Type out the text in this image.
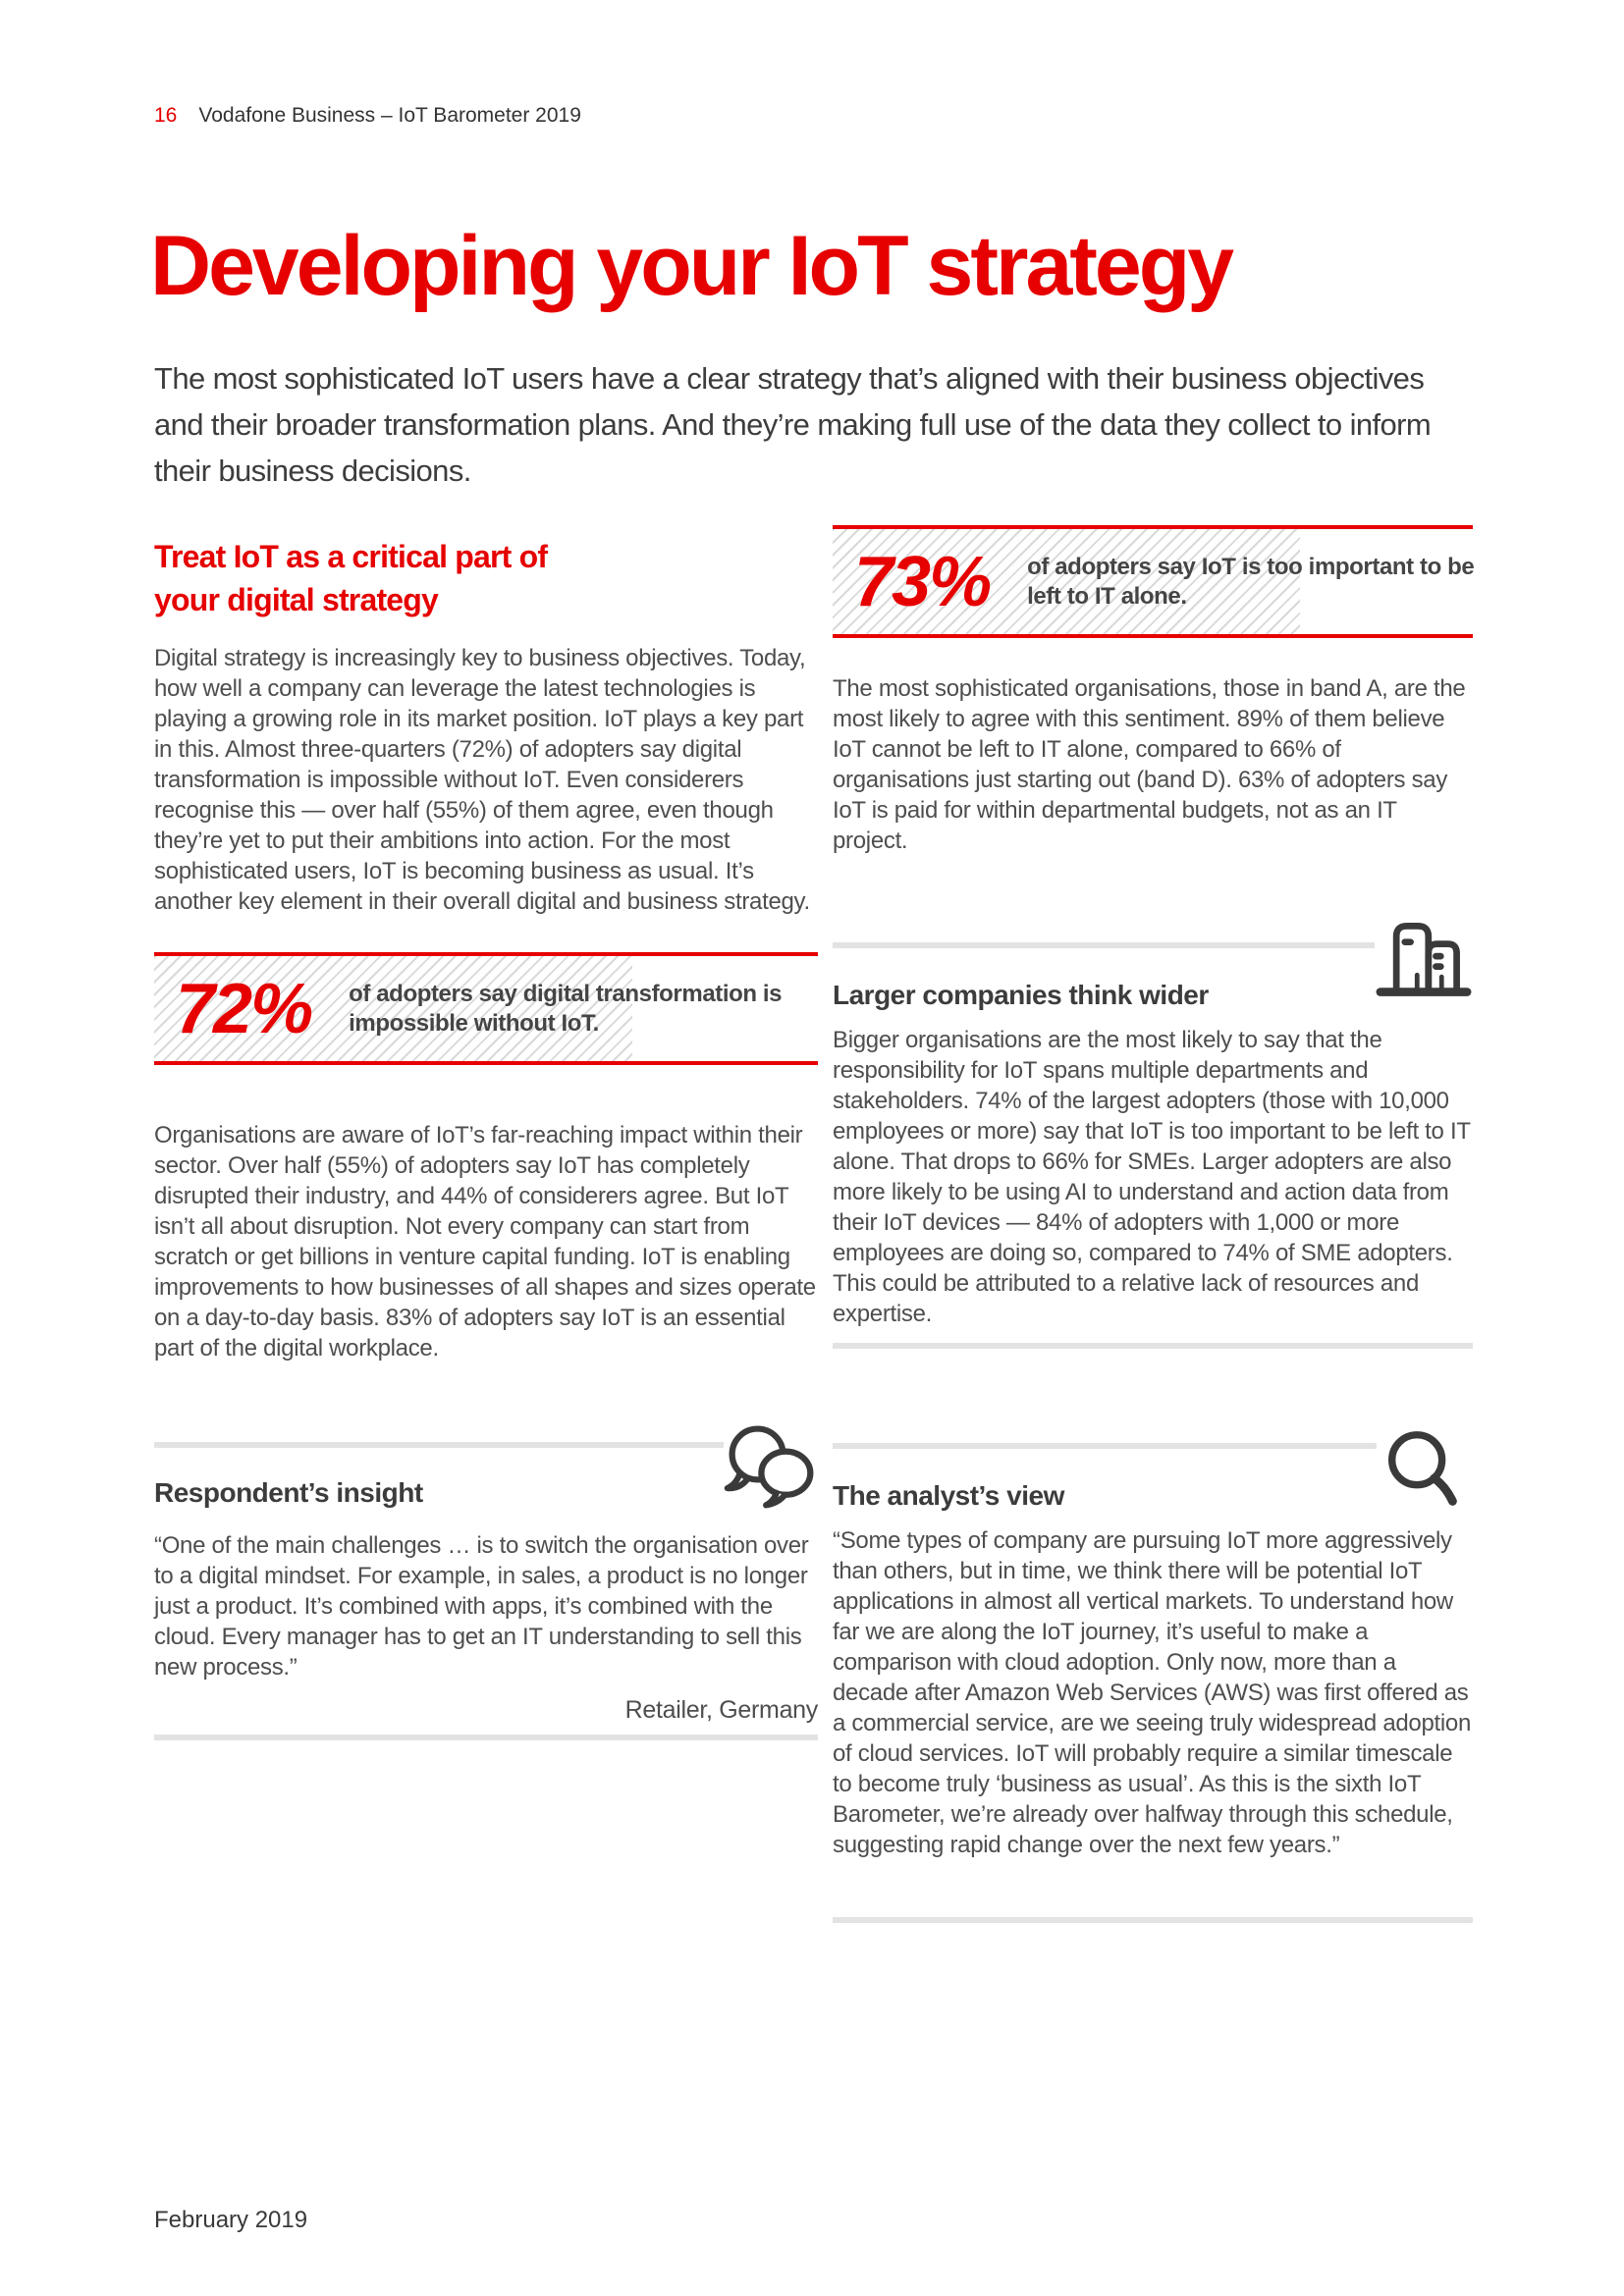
16 Vodafone Business – IoT Barometer 2019
Developing your IoT strategy

The most sophisticated IoT users have a clear strategy that’s aligned with their business objectives and their broader transformation plans. And they’re making full use of the data they collect to inform their business decisions.

Treat IoT as a critical part of
your digital strategy

Digital strategy is increasingly key to business objectives. Today, how well a company can leverage the latest technologies is playing a growing role in its market position. IoT plays a key part in this. Almost three-quarters (72%) of adopters say digital transformation is impossible without IoT. Even considerers recognise this — over half (55%) of them agree, even though they’re yet to put their ambitions into action. For the most sophisticated users, IoT is becoming business as usual. It’s another key element in their overall digital and business strategy.

72% of adopters say digital transformation is
impossible without IoT.

Organisations are aware of IoT’s far-reaching impact within their sector. Over half (55%) of adopters say IoT has completely disrupted their industry, and 44% of considerers agree. But IoT isn’t all about disruption. Not every company can start from scratch or get billions in venture capital funding. IoT is enabling improvements to how businesses of all shapes and sizes operate on a day-to-day basis. 83% of adopters say IoT is an essential part of the digital workplace.

Respondent’s insight

“One of the main challenges … is to switch the organisation over to a digital mindset. For example, in sales, a product is no longer just a product. It’s combined with apps, it’s combined with the cloud. Every manager has to get an IT understanding to sell this new process.”

Retailer, Germany

73% of adopters say IoT is too important to be
left to IT alone.

The most sophisticated organisations, those in band A, are the most likely to agree with this sentiment. 89% of them believe IoT cannot be left to IT alone, compared to 66% of organisations just starting out (band D). 63% of adopters say IoT is paid for within departmental budgets, not as an IT project.

Larger companies think wider

Bigger organisations are the most likely to say that the responsibility for IoT spans multiple departments and stakeholders. 74% of the largest adopters (those with 10,000 employees or more) say that IoT is too important to be left to IT alone. That drops to 66% for SMEs. Larger adopters are also more likely to be using AI to understand and action data from their IoT devices — 84% of adopters with 1,000 or more employees are doing so, compared to 74% of SME adopters. This could be attributed to a relative lack of resources and expertise.

The analyst’s view

“Some types of company are pursuing IoT more aggressively than others, but in time, we think there will be potential IoT applications in almost all vertical markets. To understand how far we are along the IoT journey, it’s useful to make a comparison with cloud adoption. Only now, more than a decade after Amazon Web Services (AWS) was first offered as a commercial service, are we seeing truly widespread adoption of cloud services. IoT will probably require a similar timescale to become truly ‘business as usual’. As this is the sixth IoT Barometer, we’re already over halfway through this schedule, suggesting rapid change over the next few years.”

February 2019
